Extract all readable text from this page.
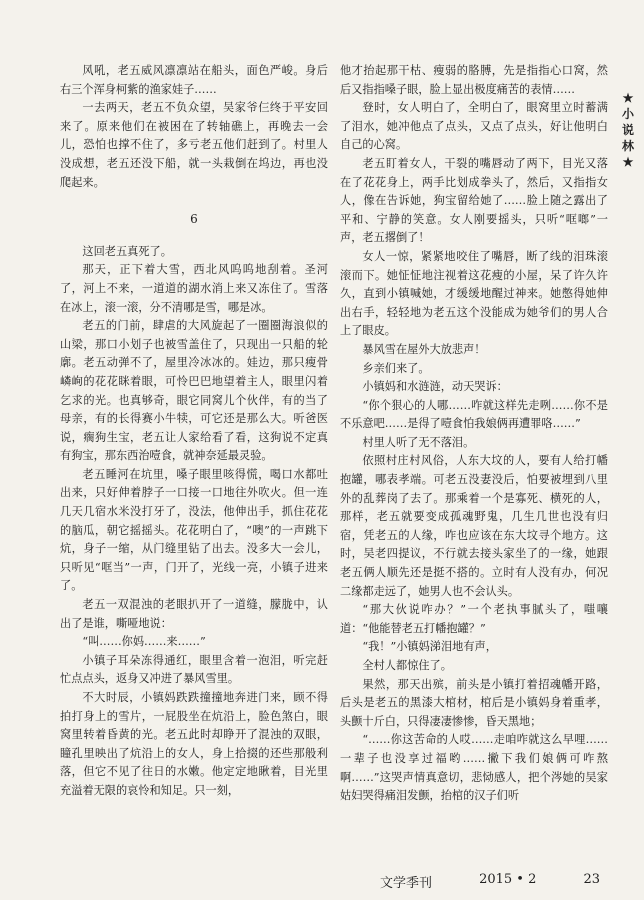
风吼，老五威风凛凛站在船头，面色严峻。身后右三个浑身柯紫的渔家娃子……

一去两天，老五不负众望，吴家爷仨终于平安回来了。原来他们在被困在了转轴礁上，再晚去一会儿，恐怕也撑不住了，多亏老五他们赶到了。村里人没成想，老五还没下船，就一头栽倒在坞边，再也没爬起来。

6

这回老五真死了。

那天，正下着大雪，西北风呜呜地刮着。圣河了，河上不来，一道道的湖水消上来又冻住了。雪落在冰上，滚一滚，分不清哪是雪，哪是冰。

老五的门前，肆虐的大风旋起了一圈圈海浪似的山梁，那口小划子也被雪盖住了，只现出一只船的轮廓。老五动弹不了，屋里冷冰冰的。娃边，那只瘦骨嶙峋的花花眯着眼，可怜巴巴地望着主人，眼里闪着乞求的光。也真够奇，眼它同窝儿个伙伴，有的当了母亲，有的长得赛小牛犊，可它还是那么大。听爸医说，瘸狗生宝，老五让人家给看了看，这狗说不定真有狗宝，那东西治噎食，就神奈延最灵验。

老五睡河在坑里，嗓子眼里咳得慌，喝口水都吐出来，只好伸着脖子一口接一口地往外吹火。但一连几天几宿水米没打牙了，没法，他伸出手，抓住花花的脑瓜，朝它摇摇头。花花明白了，“噢”的一声跳下炕，身子一缩，从门缝里钻了出去。没多大一会儿，只听见“哐当”一声，门开了，光线一亮，小镇子进来了。

老五一双混浊的老眼扒开了一道缝，朦胧中，认出了是谁，嘶哑地说：

“叫……你妈……来……”

小镇子耳朵冻得通红，眼里含着一泡泪，听完赶忙点点头，返身又冲进了暴风雪里。

不大时辰，小镇妈跌跌撞撞地奔进门来，顾不得拍打身上的雪片，一屁股坐在炕沿上，脸色煞白，眼窝里转着昏黄的光。老五此时却睁开了混浊的双眼，瞳孔里映出了炕沿上的女人，身上拾掇的还些那般利落，但它不见了往日的水嫩。他定定地瞅着，目光里充溢着无限的哀怜和知足。只一刻，

他才抬起那干枯、瘦弱的胳膊，先是指指心口窝，然后又指指嗓子眼，脸上显出极度痛苦的表情……

登时，女人明白了，全明白了，眼窝里立时蓄满了泪水，她冲他点了点头，又点了点头，好让他明白自己的心窝。

老五盯着女人，干裂的嘴唇动了两下，目光又落在了花花身上，两手比划成拳头了，然后，又指指女人，像在告诉她，狗宝留给她了……脸上随之露出了平和、宁静的笑意。女人刚要摇头，只听“哐啷”一声，老五撂倒了！

女人一惊，紧紧地咬住了嘴唇，断了线的泪珠滚滚而下。她怔怔地注视着这花瘦的小屋，呆了许久许久，直到小镇喊她，才缓缓地醒过神来。她憋得她伸出右手，轻轻地为老五这个没能成为她爷们的男人合上了眼皮。

暴风雪在屋外大放悲声！

乡亲们来了。

小镇妈和水涟涟，动天哭诉：

“你个狠心的人哪……咋就这样先走咧……你不是不乐意吧……是得了噎食怕我娘俩再遭罪咯……”

村里人听了无不落泪。

依照村庄村风俗，人东大坟的人，要有人给打幡抱罐，哪表孝端。可老五没妻没后，怕要被埋到八里外的乱葬岗了去了。那乘着一个是寡死、横死的人，那样，老五就要变成孤魂野鬼，几生几世也没有归宿，凭老五的人缘，咋也应该在东大坟寻个地方。这时，吴老四提议，不行就去接头家坐了的一缘，她跟老五俩人顺先还是挺不搭的。立时有人没有办，何况二缘都走远了，她男人也不会认头。

“那大伙说咋办？”一个老执事腻头了，嗤嚷道：“他能替老五打幡抱罐？”

“我！”小镇妈涕泪地有声，

全村人都惊住了。

果然，那天出殡，前头是小镇打着招魂幡开路，后头是老五的黑漆大棺材，棺后是小镇妈身着重孝，头颤十斤白，只得凄凄惨惨，昏天黑地；

“……你这苦命的人哎……走咱咋就这么早哩……一辈子也没享过福哟……撇下我们娘俩可咋熬啊……”这哭声情真意切，悲恸感人，把个涔她的吴家姑妇哭得痛泪发颤，抬棺的汉子们听

★
小
说
林
★
文学季刊	2015 • 2	23
